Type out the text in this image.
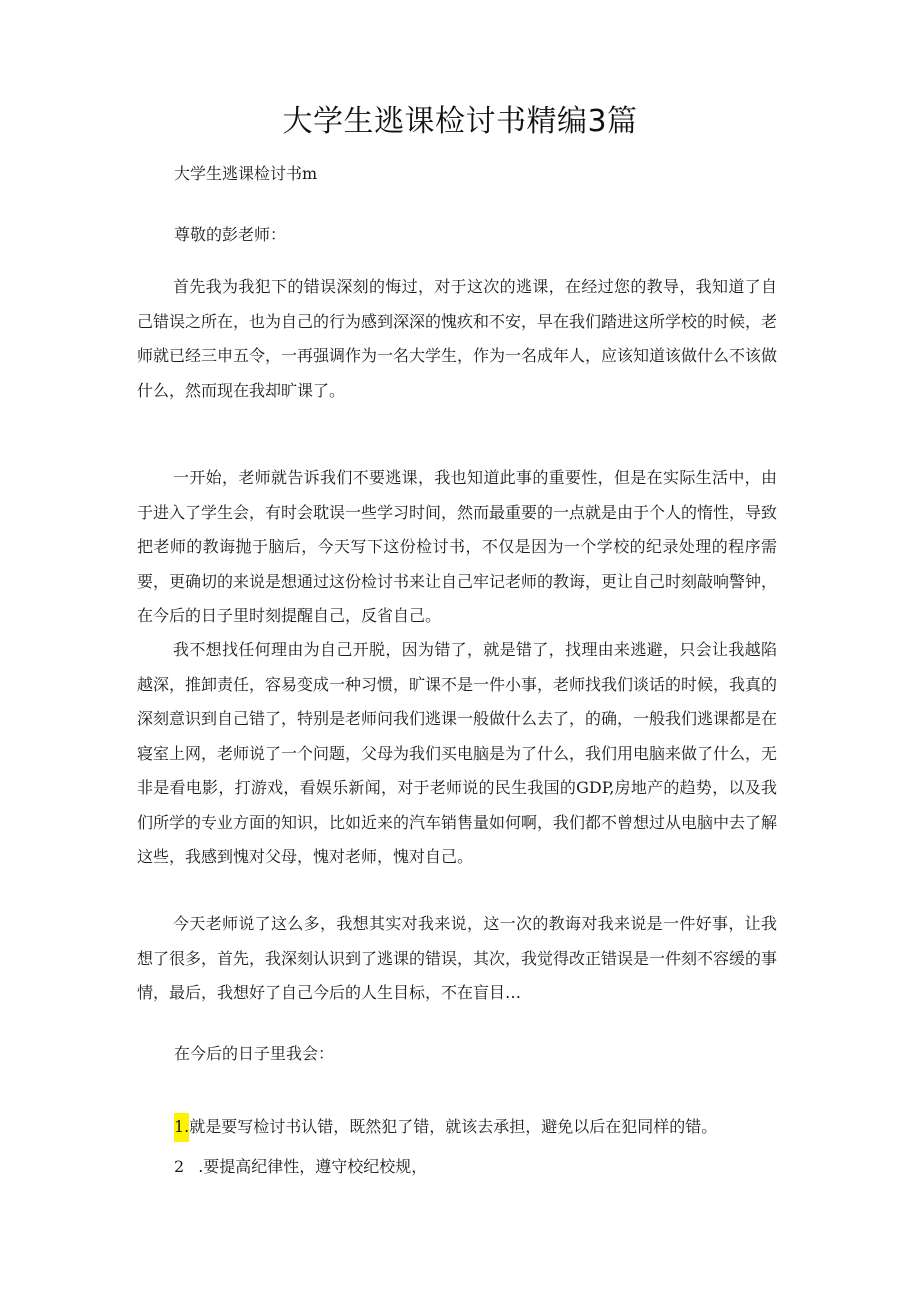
大学生逃课检讨书精编3篇

大学生逃课检讨书m

尊敬的彭老师：

首先我为我犯下的错误深刻的悔过，对于这次的逃课，在经过您的教导，我知道了自己错误之所在，也为自己的行为感到深深的愧疚和不安，早在我们踏进这所学校的时候，老师就已经三申五令，一再强调作为一名大学生，作为一名成年人，应该知道该做什么不该做什么，然而现在我却旷课了。

一开始，老师就告诉我们不要逃课，我也知道此事的重要性，但是在实际生活中，由于进入了学生会，有时会耽误一些学习时间，然而最重要的一点就是由于个人的惰性，导致把老师的教诲抛于脑后，今天写下这份检讨书，不仅是因为一个学校的纪录处理的程序需要，更确切的来说是想通过这份检讨书来让自己牢记老师的教诲，更让自己时刻敲响警钟，在今后的日子里时刻提醒自己，反省自己。

我不想找任何理由为自己开脱，因为错了，就是错了，找理由来逃避，只会让我越陷越深，推卸责任，容易变成一种习惯，旷课不是一件小事，老师找我们谈话的时候，我真的深刻意识到自己错了，特别是老师问我们逃课一般做什么去了，的确，一般我们逃课都是在寝室上网，老师说了一个问题，父母为我们买电脑是为了什么，我们用电脑来做了什么，无非是看电影，打游戏，看娱乐新闻，对于老师说的民生我国的GDP,房地产的趋势，以及我们所学的专业方面的知识，比如近来的汽车销售量如何啊，我们都不曾想过从电脑中去了解这些，我感到愧对父母，愧对老师，愧对自己。

今天老师说了这么多，我想其实对我来说，这一次的教诲对我来说是一件好事，让我想了很多，首先，我深刻认识到了逃课的错误，其次，我觉得改正错误是一件刻不容缓的事情，最后，我想好了自己今后的人生目标，不在盲目…

在今后的日子里我会：

1.就是要写检讨书认错，既然犯了错，就该去承担，避免以后在犯同样的错。

2 .要提高纪律性，遵守校纪校规，
